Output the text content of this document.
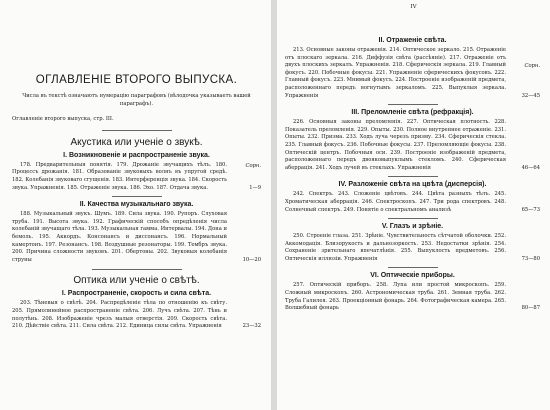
ОГЛАВЛЕНІЕ ВТОРОГО ВЫПУСКА.
Числа въ текстѣ означаютъ нумерацію параграфовъ (вѣлодочка указываетъ вашей параграфъ).
Оглавленіе второго выпуска, стр. III.
Акустика или ученіе о звукѣ.
I. Возникновеніе и распространеніе звука.
178. Предварительныя понятія. 179. Дрожаніе звучащихъ тѣлъ. 180. Процессъ дрожанія. 181. Образованіе звуковыхъ волнъ въ упругой средѣ. 182. Колебанія звуковаго сгущенія. 183. Интерференція звука. 184. Скорость звука. Упражненія. 185. Отраженіе звука. 186. Эхо. 187. Отдача звука.
Сорн.
1—9
II. Качества музыкальнаго звука.
188. Музыкальный звукъ. Шумъ. 189. Сила звука. 190. Рупоръ. Слуховая труба. 191. Высота звука. 192. Графическій способъ опредѣленія числа колебаній звучащаго тѣла. 193. Музыкальная гамма. Интервалы. 194. Дона и бемоль. 195. Аккордъ. Консонансъ и диссонансъ. 196. Нормальный камертонъ. 197. Резонансъ. 198. Воздушные резонаторы. 199. Тембръ звука. 200. Причина сложности звуковъ. 201. Обертоны. 202. Звуковыя колебанія струны	10—20
Оптика или ученіе о свѣтѣ.
I. Распространеніе, скорость и сила свѣта.
203. Тѣневыя о свѣтѣ. 204. Распредѣленіе тѣла по отношенію къ свѣту. 205. Прямолинейное распространеніе свѣта. 206. Лучъ свѣта. 207. Тѣнь и полутѣнь. 208. Изображеніе чрезъ малыя отверстія. 209. Скорость свѣта. 210. Дѣйствіе свѣта. 211. Сила свѣта. 212. Единица силы свѣта. Упражненія	23—32
IV
II. Отраженіе свѣта.
213. Основные законы отраженія. 214. Оптическое зеркало. 215. Отраженіе отъ плоскаго зеркала. 216. Диффузія свѣта (рассѣяніе). 217. Отраженіе отъ двухъ плоскихъ зеркалъ. Упражненія. 218. Сферическія зеркала. 219. Главный фокусъ. 220. Побочные фокусы. 221. Упражненіе сферическихъ фокусовъ. 222. Главный фокусъ. 223. Мнимый фокусъ. 224. Построеніе изображеній предмета, расположеннаго передъ вогнутымъ зеркаломъ. 225. Выпуклыя зеркала. Упражненія
Сорн.
32—45
III. Преломленіе свѣта (рефракція).
226. Основныя законы преломленія. 227. Оптическая плотность. 228. Показатель преломленія. 229. Опыты. 230. Полное внутреннее отраженіе. 231. Опыты. 232. Призма. 233. Ходъ луча черезъ призму. 234. Сферическія стекла. 235. Главный фокусъ. 236. Побочные фокусы. 237. Преломляющіе фокусы. 238. Оптическій центръ. Побочныя оси. 239. Построеніе изображеній предмета, расположеннаго передъ двояковыпуклымъ стекломъ. 240. Сферическая аберрація. 241. Ходъ лучей въ стеклахъ. Упражненія	46—64
IV. Разложеніе свѣта на цвѣта (дисперсія).
242. Спектръ. 243. Сложеніе цвѣтовъ. 244. Цвѣта разныхъ тѣлъ. 245. Хроматическая аберрація. 246. Спектроскопъ. 247. Три рода спектровъ. 248. Солнечный спектръ. 249. Понятіе о спектральномъ анализѣ	65—73
V. Глазъ и зрѣніе.
250. Строеніе глаза. 251. Зрѣніе. Чувствительность сѣтчатой оболочки. 252. Аккомодація. Близорукость и дальнозоркость. 253. Недостатки зрѣнія. 254. Сохраненіе зрительнаго впечатлѣнія. 255. Выпуклость предметовъ. 256. Оптическія иллюзіи. Упражненія	73—80
VI. Оптическіе приборы.
257. Оптическій приборъ. 258. Лупа или простой микроскопъ. 259. Сложный микроскопъ. 260. Астрономическая труба. 261. Земная труба. 262. Труба Галилея. 263. Проекціонный фонарь. 264. Фотографическая камера. 265. Волшебный фонарь	80—87
